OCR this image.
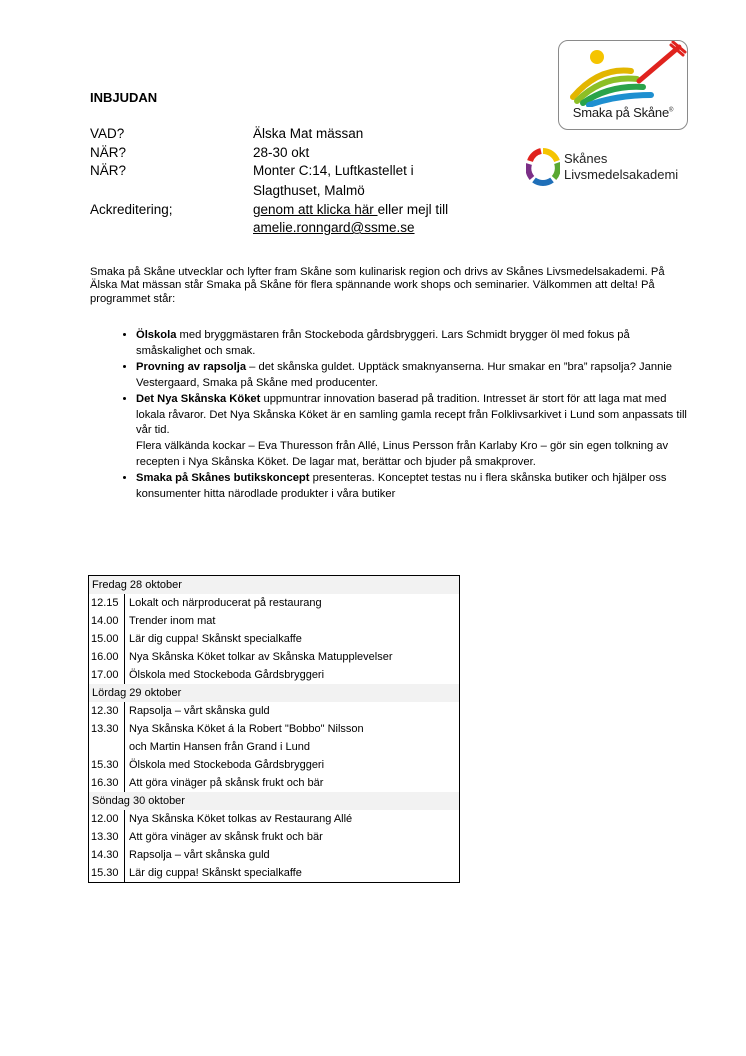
Smaka på Skåne®
Skånes
Livsmedelsakademi
INBJUDAN
VAD?	Älska Mat mässan
NÄR?	28-30 okt
NÄR?	Monter C:14, Luftkastellet i
Slagthuset, Malmö
Ackreditering;	genom att klicka här eller mejl till
amelie.ronngard@ssme.se
Smaka på Skåne utvecklar och lyfter fram Skåne som kulinarisk region och drivs av Skånes Livsmedelsakademi. På Älska Mat mässan står Smaka på Skåne för flera spännande work shops och seminarier. Välkommen att delta! På programmet står:
• Ölskola med bryggmästaren från Stockeboda gårdsbryggeri. Lars Schmidt brygger öl med fokus på småskalighet och smak.
• Provning av rapsolja – det skånska guldet. Upptäck smaknyanserna. Hur smakar en ”bra” rapsolja? Jannie Vestergaard, Smaka på Skåne med producenter.
• Det Nya Skånska Köket uppmuntrar innovation baserad på tradition. Intresset är stort för att laga mat med lokala råvaror. Det Nya Skånska Köket är en samling gamla recept från Folklivsarkivet i Lund som anpassats till vår tid.
Flera välkända kockar – Eva Thuresson från Allé, Linus Persson från Karlaby Kro – gör sin egen tolkning av recepten i Nya Skånska Köket. De lagar mat, berättar och bjuder på smakprover.
• Smaka på Skånes butikskoncept presenteras. Konceptet testas nu i flera skånska butiker och hjälper oss konsumenter hitta närodlade produkter i våra butiker
Fredag 28 oktober
12.15 Lokalt och närproducerat på restaurang
14.00 Trender inom mat
15.00 Lär dig cuppa! Skånskt specialkaffe
16.00 Nya Skånska Köket tolkar av Skånska Matupplevelser
17.00 Ölskola med Stockeboda Gårdsbryggeri
Lördag 29 oktober
12.30 Rapsolja – vårt skånska guld
13.30 Nya Skånska Köket á la Robert "Bobbo" Nilsson
och Martin Hansen från Grand i Lund
15.30 Ölskola med Stockeboda Gårdsbryggeri
16.30 Att göra vinäger på skånsk frukt och bär
Söndag 30 oktober
12.00 Nya Skånska Köket tolkas av Restaurang Allé
13.30 Att göra vinäger av skånsk frukt och bär
14.30 Rapsolja – vårt skånska guld
15.30 Lär dig cuppa! Skånskt specialkaffe
